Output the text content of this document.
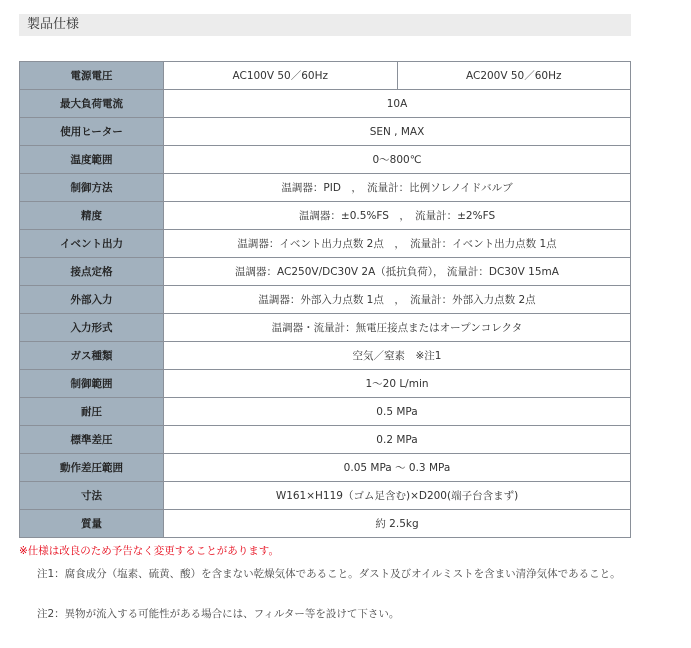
製品仕様
電源電圧	AC100V 50／60Hz	AC200V 50／60Hz
最大負荷電流	10A	
使用ヒーター	SEN , MAX	
温度範囲	0～800℃	
制御方法	温調器：PID　，　流量計：比例ソレノイドバルブ	
精度	温調器：±0.5%FS　，　流量計：±2%FS	
イベント出力	温調器：イベント出力点数 2点　，　流量計：イベント出力点数 1点	
接点定格	温調器：AC250V/DC30V 2A（抵抗負荷）， 流量計：DC30V 15mA	
外部入力	温調器：外部入力点数 1点　，　流量計：外部入力点数 2点	
入力形式	温調器・流量計：無電圧接点またはオープンコレクタ	
ガス種類	空気／窒素　※注1	
制御範囲	1～20 L/min	
耐圧	0.5 MPa	
標準差圧	0.2 MPa	
動作差圧範囲	0.05 MPa ～ 0.3 MPa	
寸法	W161×H119（ゴム足含む)×D200(端子台含まず)	
質量	約 2.5kg	
※仕様は改良のため予告なく変更することがあります。
注1：腐食成分（塩素、硫黄、酸）を含まない乾燥気体であること。ダスト及びオイルミストを含まい清浄気体であること。
注2：異物が流入する可能性がある場合には、フィルター等を設けて下さい。
